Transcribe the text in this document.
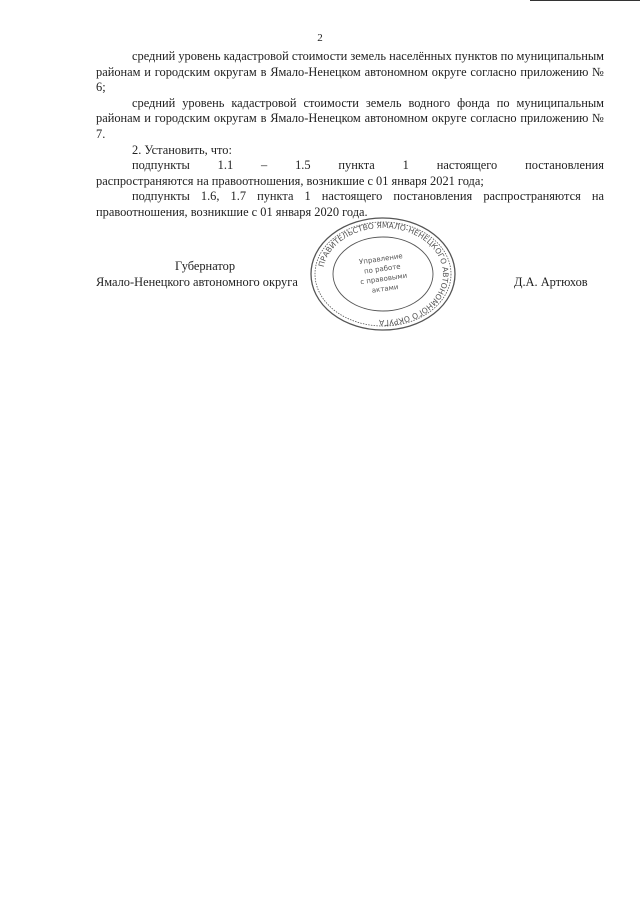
2

средний уровень кадастровой стоимости земель населённых пунктов по муниципальным районам и городским округам в Ямало-Ненецком автономном округе согласно приложению № 6;

средний уровень кадастровой стоимости земель водного фонда по муниципальным районам и городским округам в Ямало-Ненецком автономном округе согласно приложению № 7.

2. Установить, что:

подпункты 1.1 – 1.5 пункта 1 настоящего постановления

распространяются на правоотношения, возникшие с 01 января 2021 года;

подпункты 1.6, 1.7 пункта 1 настоящего постановления распространяются на правоотношения, возникшие с 01 января 2020 года.

Губернатор
Ямало-Ненецкого автономного округа	Д.А. Артюхов
ПРАВИТЕЛЬСТВО ЯМАЛО-НЕНЕЦКОГО АВТОНОМНОГО ОКРУГА
Управление
по работе
с правовыми
актами
